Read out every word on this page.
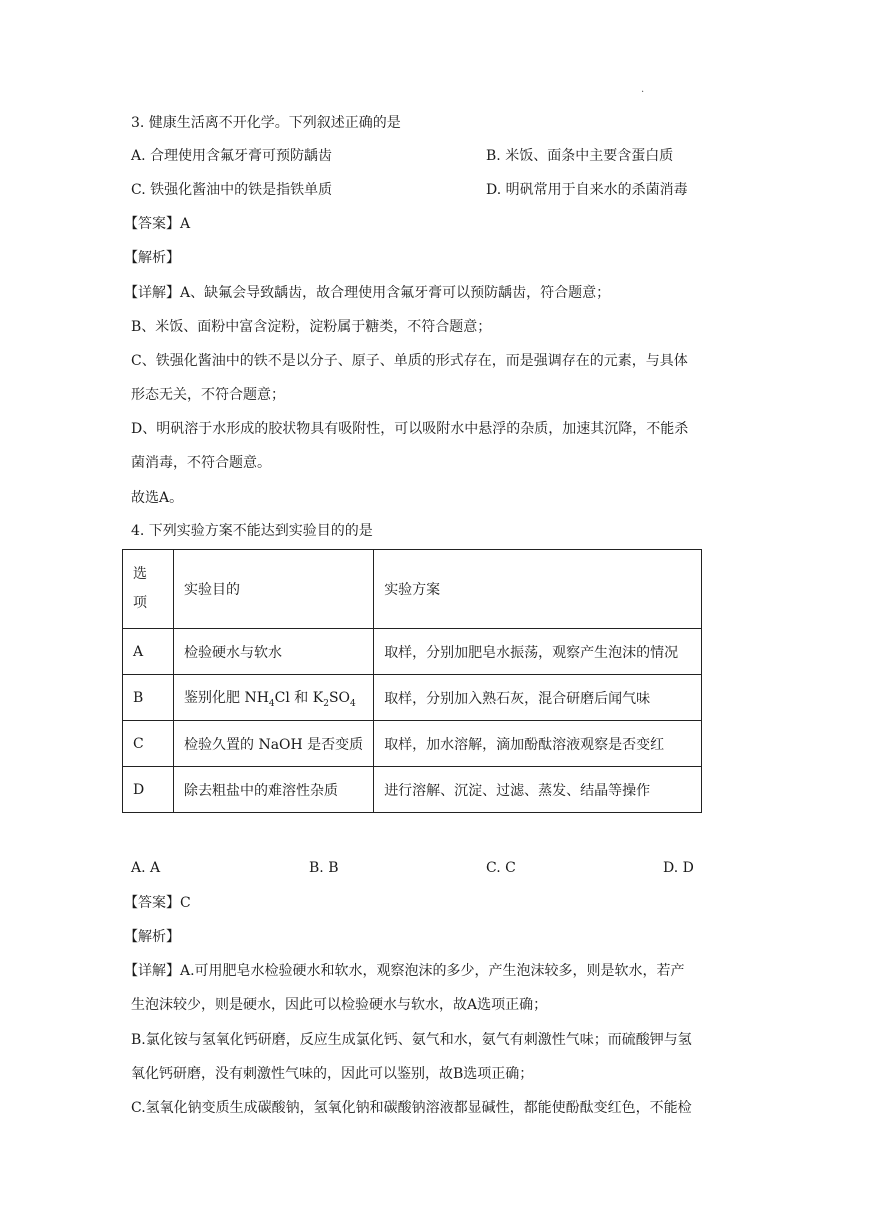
.
3. 健康生活离不开化学。下列叙述正确的是
A. 合理使用含氟牙膏可预防龋齿	B. 米饭、面条中主要含蛋白质
C. 铁强化酱油中的铁是指铁单质	D. 明矾常用于自来水的杀菌消毒
【答案】A
【解析】
【详解】A、缺氟会导致龋齿，故合理使用含氟牙膏可以预防龋齿，符合题意；
B、米饭、面粉中富含淀粉，淀粉属于糖类，不符合题意；
C、铁强化酱油中的铁不是以分子、原子、单质的形式存在，而是强调存在的元素，与具体
形态无关，不符合题意；
D、明矾溶于水形成的胶状物具有吸附性，可以吸附水中悬浮的杂质，加速其沉降，不能杀
菌消毒，不符合题意。
故选A。
4. 下列实验方案不能达到实验目的的是
选
项	实验目的	实验方案
A	检验硬水与软水	取样，分别加肥皂水振荡，观察产生泡沫的情况
B	鉴别化肥 $NH_4Cl$ 和 $K_2SO_4$	取样，分别加入熟石灰，混合研磨后闻气味
C	检验久置的 NaOH 是否变质	取样，加水溶解，滴加酚酞溶液观察是否变红
D	除去粗盐中的难溶性杂质	进行溶解、沉淀、过滤、蒸发、结晶等操作
A. A	B. B	C. C	D. D
【答案】C
【解析】
【详解】A.可用肥皂水检验硬水和软水，观察泡沫的多少，产生泡沫较多，则是软水，若产
生泡沫较少，则是硬水，因此可以检验硬水与软水，故A选项正确；
B.氯化铵与氢氧化钙研磨，反应生成氯化钙、氨气和水，氨气有刺激性气味；而硫酸钾与氢
氧化钙研磨，没有刺激性气味的，因此可以鉴别，故B选项正确；
C.氢氧化钠变质生成碳酸钠，氢氧化钠和碳酸钠溶液都显碱性，都能使酚酞变红色，不能检
